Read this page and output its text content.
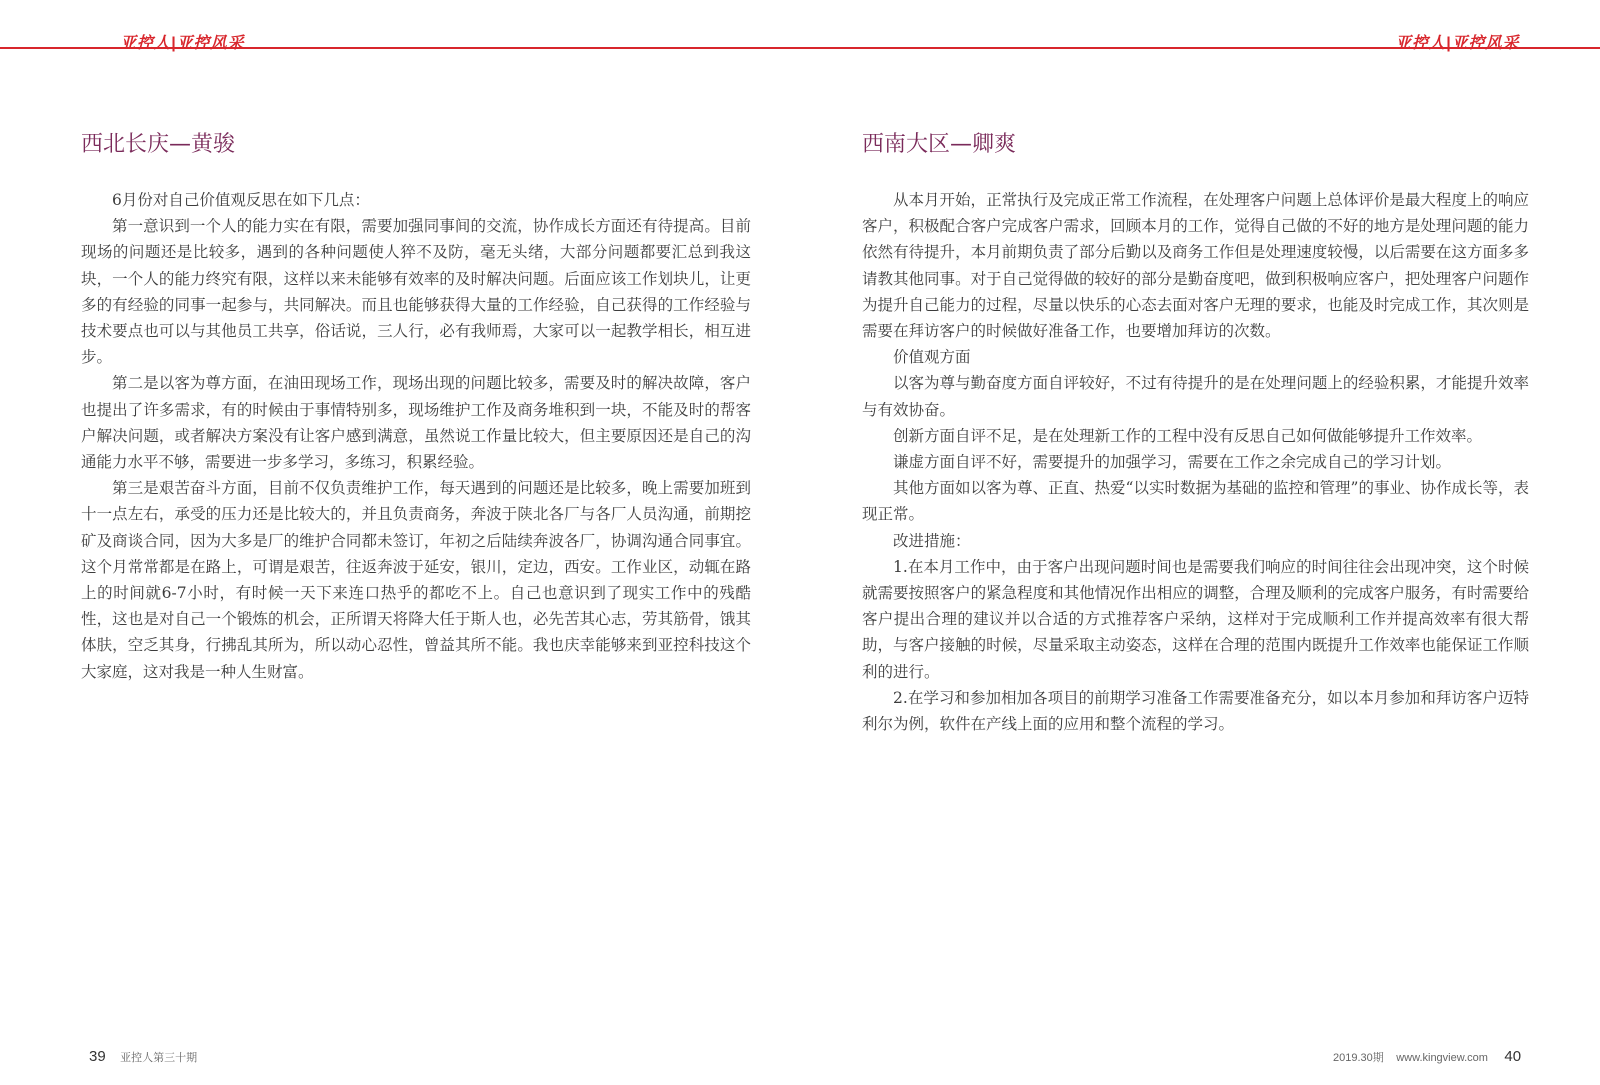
亚控人|亚控风采	亚控人|亚控风采
西北长庆—黄骏

6月份对自己价值观反思在如下几点：

第一意识到一个人的能力实在有限，需要加强同事间的交流，协作成长方面还有待提高。目前现场的问题还是比较多，遇到的各种问题使人猝不及防，毫无头绪，大部分问题都要汇总到我这块，一个人的能力终究有限，这样以来未能够有效率的及时解决问题。后面应该工作划块儿，让更多的有经验的同事一起参与，共同解决。而且也能够获得大量的工作经验，自己获得的工作经验与技术要点也可以与其他员工共享，俗话说，三人行，必有我师焉，大家可以一起教学相长，相互进步。

第二是以客为尊方面，在油田现场工作，现场出现的问题比较多，需要及时的解决故障，客户也提出了许多需求，有的时候由于事情特别多，现场维护工作及商务堆积到一块，不能及时的帮客户解决问题，或者解决方案没有让客户感到满意，虽然说工作量比较大，但主要原因还是自己的沟通能力水平不够，需要进一步多学习，多练习，积累经验。

第三是艰苦奋斗方面，目前不仅负责维护工作，每天遇到的问题还是比较多，晚上需要加班到十一点左右，承受的压力还是比较大的，并且负责商务，奔波于陕北各厂与各厂人员沟通，前期挖矿及商谈合同，因为大多是厂的维护合同都未签订，年初之后陆续奔波各厂，协调沟通合同事宜。这个月常常都是在路上，可谓是艰苦，往返奔波于延安，银川，定边，西安。工作业区，动辄在路上的时间就6-7小时，有时候一天下来连口热乎的都吃不上。自己也意识到了现实工作中的残酷性，这也是对自己一个锻炼的机会，正所谓天将降大任于斯人也，必先苦其心志，劳其筋骨，饿其体肤，空乏其身，行拂乱其所为，所以动心忍性，曾益其所不能。我也庆幸能够来到亚控科技这个大家庭，这对我是一种人生财富。

西南大区—卿爽

从本月开始，正常执行及完成正常工作流程，在处理客户问题上总体评价是最大程度上的响应客户，积极配合客户完成客户需求，回顾本月的工作，觉得自己做的不好的地方是处理问题的能力依然有待提升，本月前期负责了部分后勤以及商务工作但是处理速度较慢，以后需要在这方面多多请教其他同事。对于自己觉得做的较好的部分是勤奋度吧，做到积极响应客户，把处理客户问题作为提升自己能力的过程，尽量以快乐的心态去面对客户无理的要求，也能及时完成工作，其次则是需要在拜访客户的时候做好准备工作，也要增加拜访的次数。

价值观方面

以客为尊与勤奋度方面自评较好，不过有待提升的是在处理问题上的经验积累，才能提升效率与有效协奋。

创新方面自评不足，是在处理新工作的工程中没有反思自己如何做能够提升工作效率。

谦虚方面自评不好，需要提升的加强学习，需要在工作之余完成自己的学习计划。

其他方面如以客为尊、正直、热爱“以实时数据为基础的监控和管理”的事业、协作成长等，表现正常。

改进措施：

1.在本月工作中，由于客户出现问题时间也是需要我们响应的时间往往会出现冲突，这个时候就需要按照客户的紧急程度和其他情况作出相应的调整，合理及顺利的完成客户服务，有时需要给客户提出合理的建议并以合适的方式推荐客户采纳，这样对于完成顺利工作并提高效率有很大帮助，与客户接触的时候，尽量采取主动姿态，这样在合理的范围内既提升工作效率也能保证工作顺利的进行。

2.在学习和参加相加各项目的前期学习准备工作需要准备充分，如以本月参加和拜访客户迈特利尔为例，软件在产线上面的应用和整个流程的学习。

39 亚控人第三十期	2019.30期 www.kingview.com 40
